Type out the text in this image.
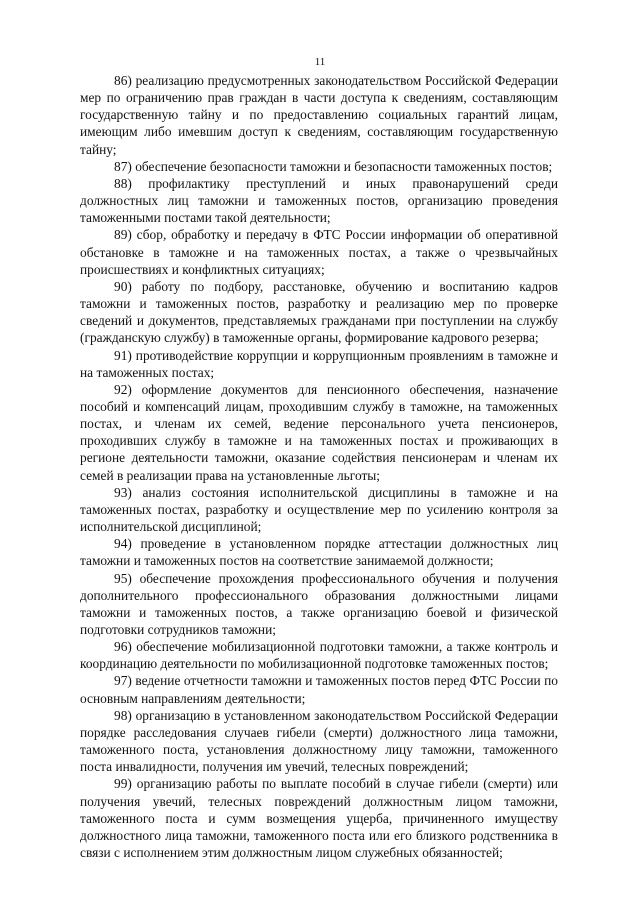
11

86) реализацию предусмотренных законодательством Российской Федерации мер по ограничению прав граждан в части доступа к сведениям, составляющим государственную тайну и по предоставлению социальных гарантий лицам, имеющим либо имевшим доступ к сведениям, составляющим государственную тайну;

87) обеспечение безопасности таможни и безопасности таможенных постов;

88) профилактику преступлений и иных правонарушений среди должностных лиц таможни и таможенных постов, организацию проведения таможенными постами такой деятельности;

89) сбор, обработку и передачу в ФТС России информации об оперативной обстановке в таможне и на таможенных постах, а также о чрезвычайных происшествиях и конфликтных ситуациях;

90) работу по подбору, расстановке, обучению и воспитанию кадров таможни и таможенных постов, разработку и реализацию мер по проверке сведений и документов, представляемых гражданами при поступлении на службу (гражданскую службу) в таможенные органы, формирование кадрового резерва;

91) противодействие коррупции и коррупционным проявлениям в таможне и на таможенных постах;

92) оформление документов для пенсионного обеспечения, назначение пособий и компенсаций лицам, проходившим службу в таможне, на таможенных постах, и членам их семей, ведение персонального учета пенсионеров, проходивших службу в таможне и на таможенных постах и проживающих в регионе деятельности таможни, оказание содействия пенсионерам и членам их семей в реализации права на установленные льготы;

93) анализ состояния исполнительской дисциплины в таможне и на таможенных постах, разработку и осуществление мер по усилению контроля за исполнительской дисциплиной;

94) проведение в установленном порядке аттестации должностных лиц таможни и таможенных постов на соответствие занимаемой должности;

95) обеспечение прохождения профессионального обучения и получения дополнительного профессионального образования должностными лицами таможни и таможенных постов, а также организацию боевой и физической подготовки сотрудников таможни;

96) обеспечение мобилизационной подготовки таможни, а также контроль и координацию деятельности по мобилизационной подготовке таможенных постов;

97) ведение отчетности таможни и таможенных постов перед ФТС России по основным направлениям деятельности;

98) организацию в установленном законодательством Российской Федерации порядке расследования случаев гибели (смерти) должностного лица таможни, таможенного поста, установления должностному лицу таможни, таможенного поста инвалидности, получения им увечий, телесных повреждений;

99) организацию работы по выплате пособий в случае гибели (смерти) или получения увечий, телесных повреждений должностным лицом таможни, таможенного поста и сумм возмещения ущерба, причиненного имуществу должностного лица таможни, таможенного поста или его близкого родственника в связи с исполнением этим должностным лицом служебных обязанностей;
